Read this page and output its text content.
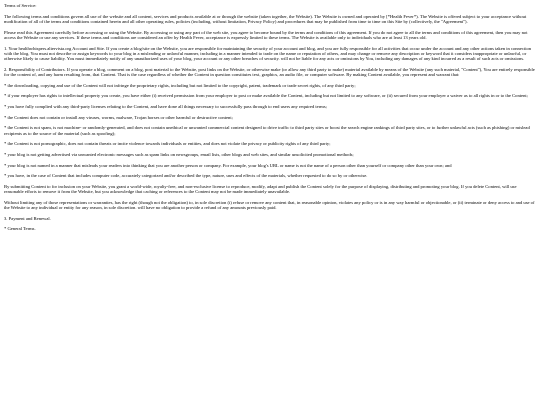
Terms of Service:

The following terms and conditions govern all use of the website and all content, services and products available at or through the website (taken together, the Website). The Website is owned and operated by [*Health Fever*). The Website is offered subject to your acceptance without modification of all of the terms and conditions contained herein and all other operating rules, policies (including, without limitation, Privacy Policy) and procedures that may be published from time to time on this Site by (collectively, the "Agreement").

Please read this Agreement carefully before accessing or using the Website. By accessing or using any part of the web site, you agree to become bound by the terms and conditions of this agreement. If you do not agree to all the terms and conditions of this agreement, then you may not access the Website or use any services. If these terms and conditions are considered an offer by Health Fever, acceptance is expressly limited to these terms. The Website is available only to individuals who are at least 13 years old.

1. Your healthwhispers.altervista.org Account and Site. If you create a blog/site on the Website, you are responsible for maintaining the security of your account and blog, and you are fully responsible for all activities that occur under the account and any other actions taken in connection with the blog. You must not describe or assign keywords to your blog in a misleading or unlawful manner, including in a manner intended to trade on the name or reputation of others, and may change or remove any description or keyword that it considers inappropriate or unlawful, or otherwise likely to cause liability. You must immediately notify of any unauthorized uses of your blog, your account or any other breaches of security. will not be liable for any acts or omissions by You, including any damages of any kind incurred as a result of such acts or omissions.

2. Responsibility of Contributors. If you operate a blog, comment on a blog, post material to the Website, post links on the Website, or otherwise make (or allow any third party to make) material available by means of the Website (any such material, "Content"), You are entirely responsible for the content of, and any harm resulting from, that Content. That is the case regardless of whether the Content in question constitutes text, graphics, an audio file, or computer software. By making Content available, you represent and warrant that:

* the downloading, copying and use of the Content will not infringe the proprietary rights, including but not limited to the copyright, patent, trademark or trade secret rights, of any third party;

* if your employer has rights to intellectual property you create, you have either (i) received permission from your employer to post or make available the Content, including but not limited to any software, or (ii) secured from your employer a waiver as to all rights in or to the Content;

* you have fully complied with any third-party licenses relating to the Content, and have done all things necessary to successfully pass through to end users any required terms;

* the Content does not contain or install any viruses, worms, malware, Trojan horses or other harmful or destructive content;

* the Content is not spam, is not machine- or randomly-generated, and does not contain unethical or unwanted commercial content designed to drive traffic to third party sites or boost the search engine rankings of third party sites, or to further unlawful acts (such as phishing) or mislead recipients as to the source of the material (such as spoofing);

* the Content is not pornographic, does not contain threats or incite violence towards individuals or entities, and does not violate the privacy or publicity rights of any third party;

* your blog is not getting advertised via unwanted electronic messages such as spam links on newsgroups, email lists, other blogs and web sites, and similar unsolicited promotional methods;

* your blog is not named in a manner that misleads your readers into thinking that you are another person or company. For example, your blog's URL or name is not the name of a person other than yourself or company other than your own; and

* you have, in the case of Content that includes computer code, accurately categorized and/or described the type, nature, uses and effects of the materials, whether requested to do so by or otherwise.

By submitting Content to for inclusion on your Website, you grant a world-wide, royalty-free, and non-exclusive license to reproduce, modify, adapt and publish the Content solely for the purpose of displaying, distributing and promoting your blog. If you delete Content, will use reasonable efforts to remove it from the Website, but you acknowledge that caching or references to the Content may not be made immediately unavailable.

Without limiting any of those representations or warranties, has the right (though not the obligation) to, in sole discretion (i) refuse or remove any content that, in reasonable opinion, violates any policy or is in any way harmful or objectionable, or (ii) terminate or deny access to and use of the Website to any individual or entity for any reason, in sole discretion. will have no obligation to provide a refund of any amounts previously paid.

3. Payment and Renewal.

* General Terms.
